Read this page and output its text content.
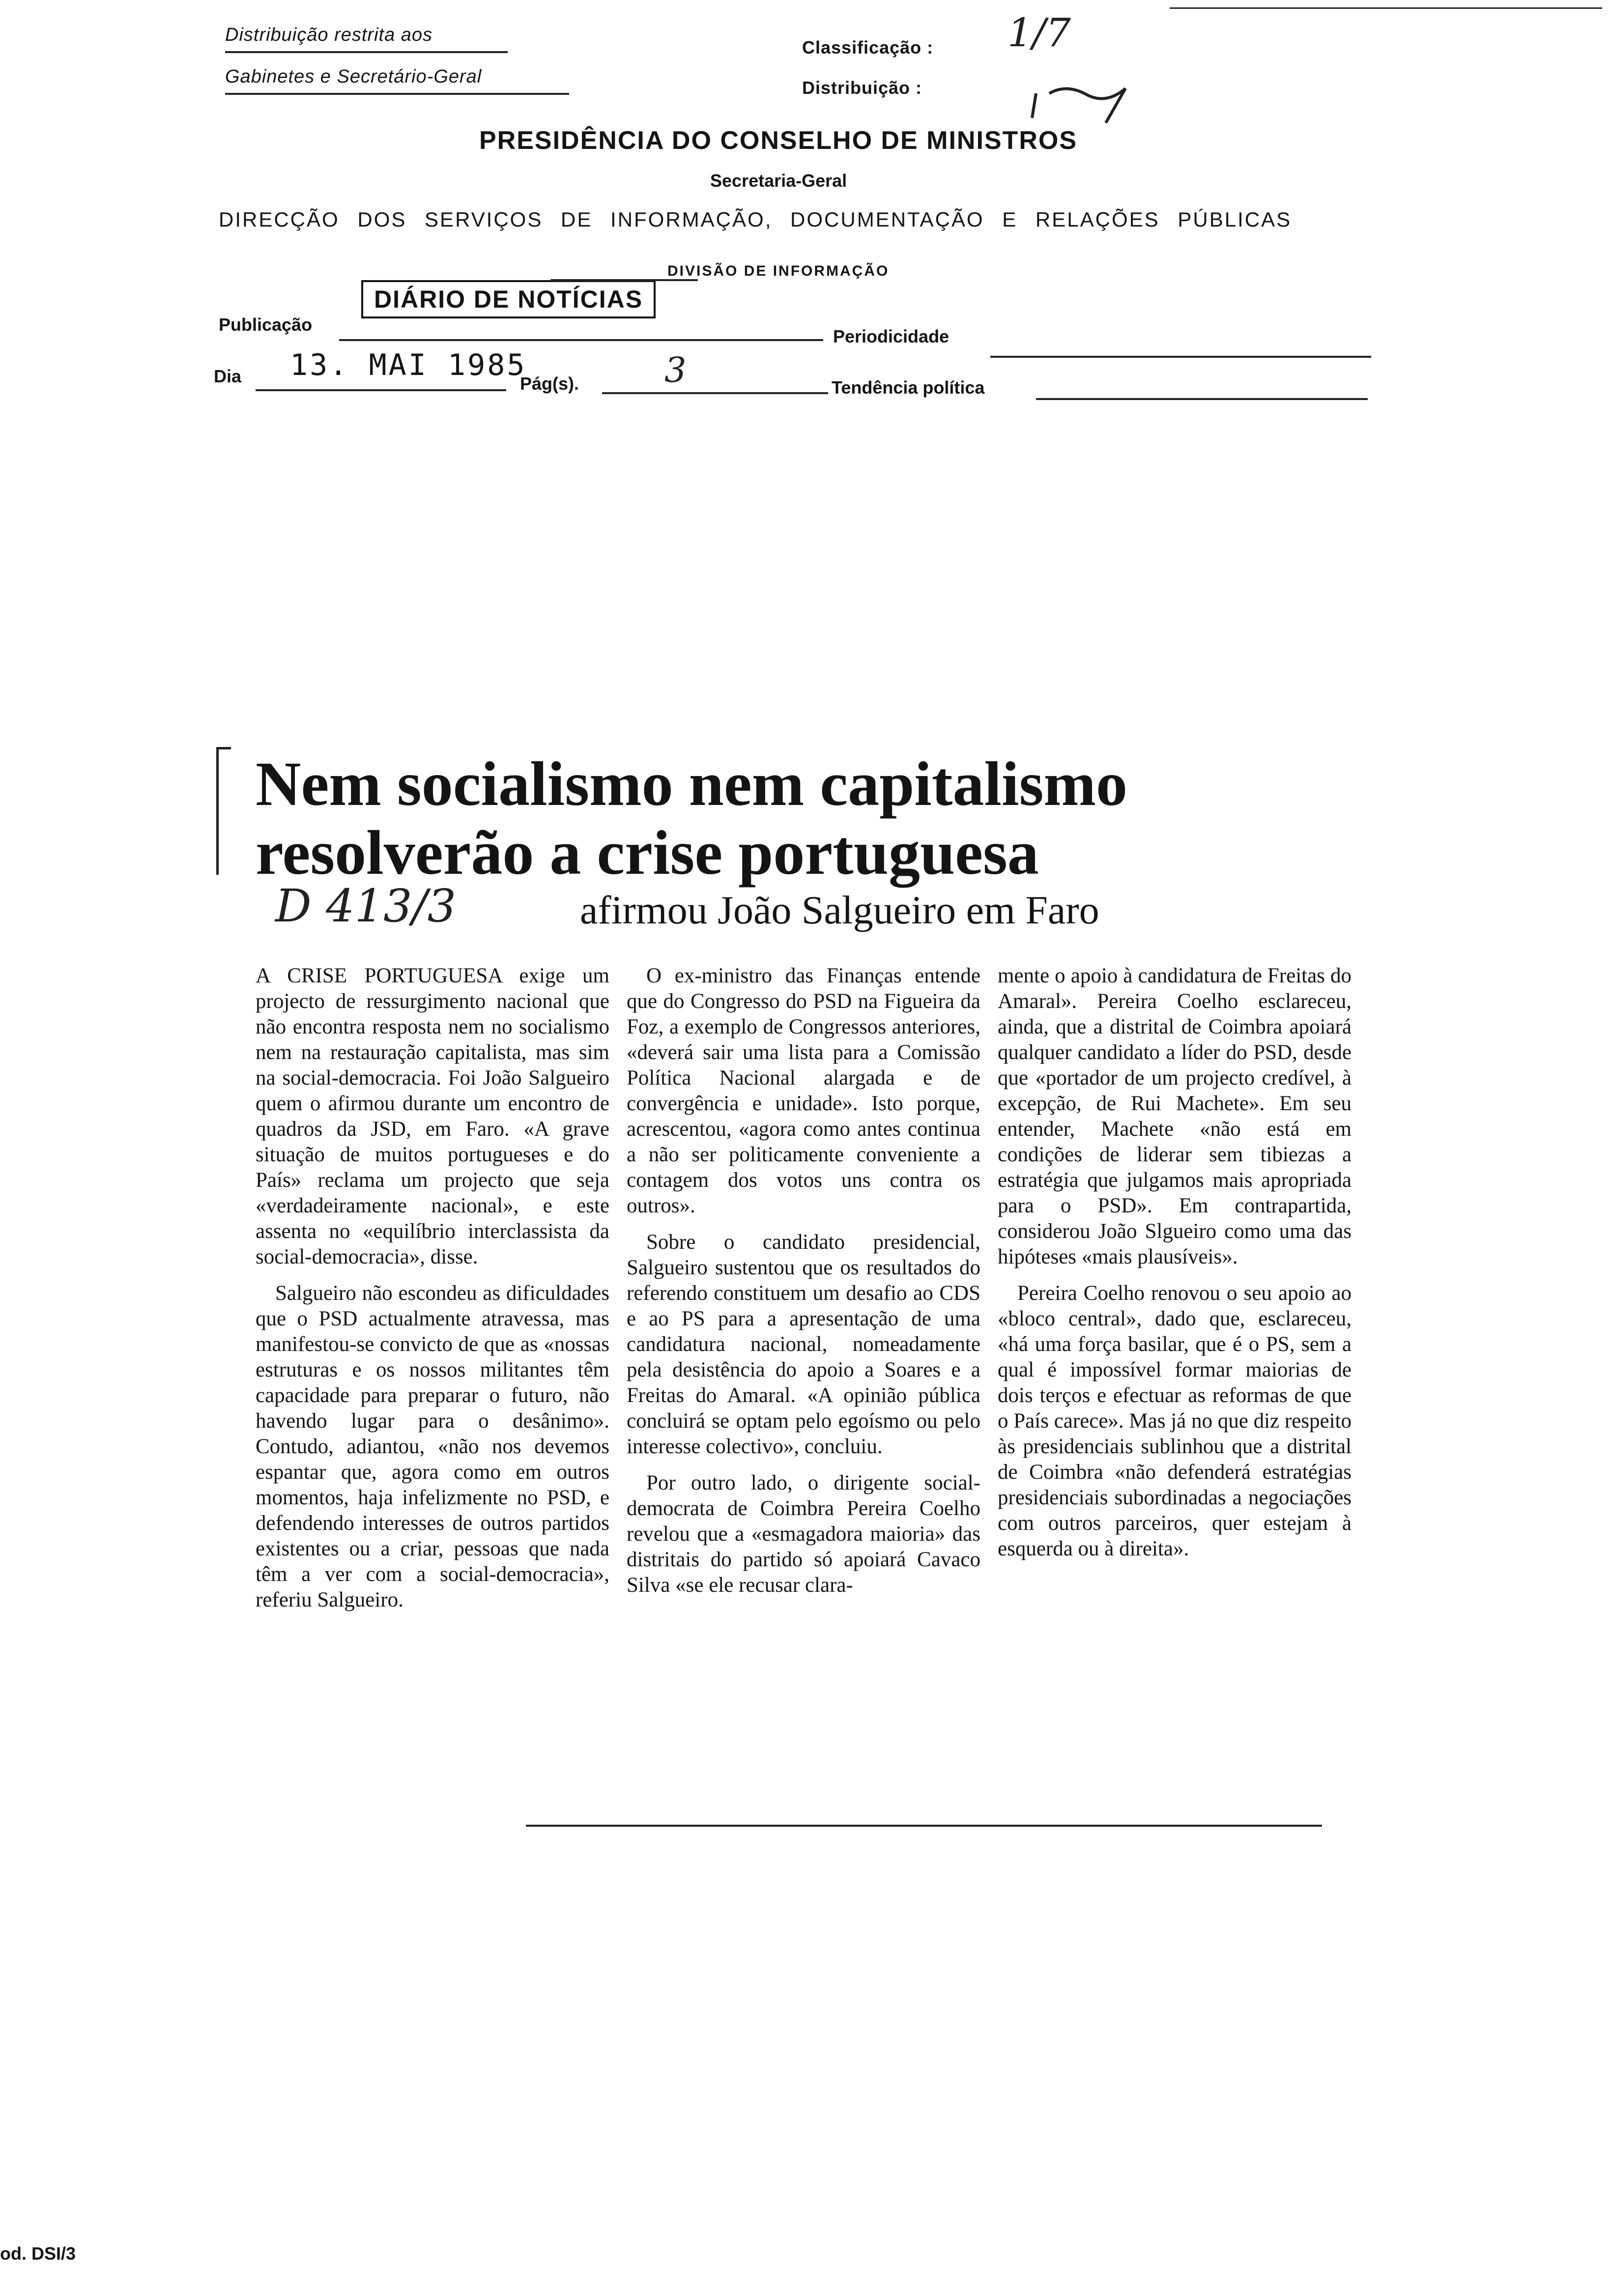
Distribuição restrita aos
Gabinetes e Secretário-Geral
Classificação :
Distribuição :
1/7
PRESIDÊNCIA DO CONSELHO DE MINISTROS
Secretaria-Geral
DIRECÇÃO DOS SERVIÇOS DE INFORMAÇÃO, DOCUMENTAÇÃO E RELAÇÕES PÚBLICAS
DIVISÃO DE INFORMAÇÃO
Publicação
DIÁRIO DE NOTÍCIAS
Periodicidade
Dia 13. MAI 1985
Pág(s). 3	Tendência política
Nem socialismo nem capitalismo
resolverão a crise portuguesa
D 413/3	afirmou João Salgueiro em Faro

A CRISE PORTUGUESA exige um projecto de ressurgimento nacional que não encontra resposta nem no socialismo nem na restauração capitalista, mas sim na social-democracia. Foi João Salgueiro quem o afirmou durante um encontro de quadros da JSD, em Faro. «A grave situação de muitos portugueses e do País» reclama um projecto que seja «verdadeiramente nacional», e este assenta no «equilíbrio interclassista da social-democracia», disse.

Salgueiro não escondeu as dificuldades que o PSD actualmente atravessa, mas manifestou-se convicto de que as «nossas estruturas e os nossos militantes têm capacidade para preparar o futuro, não havendo lugar para o desânimo». Contudo, adiantou, «não nos devemos espantar que, agora como em outros momentos, haja infelizmente no PSD, e defendendo interesses de outros partidos existentes ou a criar, pessoas que nada têm a ver com a social-democracia», referiu Salgueiro.

O ex-ministro das Finanças entende que do Congresso do PSD na Figueira da Foz, a exemplo de Congressos anteriores, «deverá sair uma lista para a Comissão Política Nacional alargada e de convergência e unidade». Isto porque, acrescentou, «agora como antes continua a não ser politicamente conveniente a contagem dos votos uns contra os outros».

Sobre o candidato presidencial, Salgueiro sustentou que os resultados do referendo constituem um desafio ao CDS e ao PS para a apresentação de uma candidatura nacional, nomeadamente pela desistência do apoio a Soares e a Freitas do Amaral. «A opinião pública concluirá se optam pelo egoísmo ou pelo interesse colectivo», concluiu.

Por outro lado, o dirigente social-democrata de Coimbra Pereira Coelho revelou que a «esmagadora maioria» das distritais do partido só apoiará Cavaco Silva «se ele recusar clara-

mente o apoio à candidatura de Freitas do Amaral». Pereira Coelho esclareceu, ainda, que a distrital de Coimbra apoiará qualquer candidato a líder do PSD, desde que «portador de um projecto credível, à excepção, de Rui Machete». Em seu entender, Machete «não está em condições de liderar sem tibiezas a estratégia que julgamos mais apropriada para o PSD». Em contrapartida, considerou João Slgueiro como uma das hipóteses «mais plausíveis».

Pereira Coelho renovou o seu apoio ao «bloco central», dado que, esclareceu, «há uma força basilar, que é o PS, sem a qual é impossível formar maiorias de dois terços e efectuar as reformas de que o País carece». Mas já no que diz respeito às presidenciais sublinhou que a distrital de Coimbra «não defenderá estratégias presidenciais subordinadas a negociações com outros parceiros, quer estejam à esquerda ou à direita».

od. DSI/3
